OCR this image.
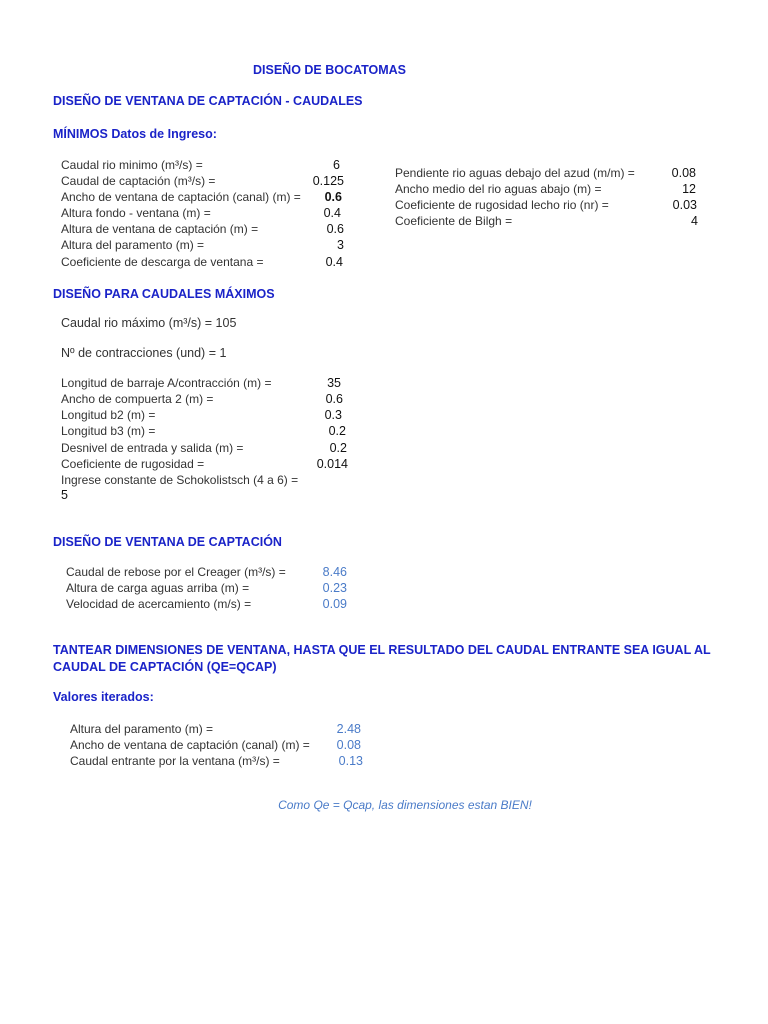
DISEÑO DE BOCATOMAS
DISEÑO DE VENTANA DE CAPTACIÓN - CAUDALES
MÍNIMOS Datos de Ingreso:
Caudal rio minimo (m³/s) =	6
Caudal de captación (m³/s) =	0.125
Ancho de ventana de captación (canal) (m) =	0.6
Altura fondo - ventana (m) =	0.4
Altura de ventana de captación (m) =	0.6
Altura del paramento (m) =	3
Coeficiente de descarga de ventana =	0.4
Pendiente rio aguas debajo del azud (m/m) =	0.08
Ancho medio del rio aguas abajo (m) =	12
Coeficiente de rugosidad lecho rio (nr) =	0.03
Coeficiente de Bilgh =	4
DISEÑO PARA CAUDALES MÁXIMOS
Caudal rio máximo (m³/s) = 105
Nº de contracciones (und) = 1
Longitud de barraje A/contracción (m) =	35
Ancho de compuerta 2 (m) =	0.6
Longitud b2 (m) =	0.3
Longitud b3 (m) =	0.2
Desnivel de entrada y salida (m) =	0.2
Coeficiente de rugosidad =	0.014
Ingrese constante de Schokolistsch (4 a 6) =
5
DISEÑO DE VENTANA DE CAPTACIÓN
Caudal de rebose por el Creager (m³/s) =	8.46
Altura de carga aguas arriba (m) =	0.23
Velocidad de acercamiento (m/s) =	0.09
TANTEAR DIMENSIONES DE VENTANA, HASTA QUE EL RESULTADO DEL CAUDAL ENTRANTE SEA IGUAL AL
CAUDAL DE CAPTACIÓN (QE=QCAP)
Valores iterados:
Altura del paramento (m) =	2.48
Ancho de ventana de captación (canal) (m) =	0.08
Caudal entrante por la ventana (m³/s) =	0.13
Como Qe = Qcap, las dimensiones estan BIEN!
